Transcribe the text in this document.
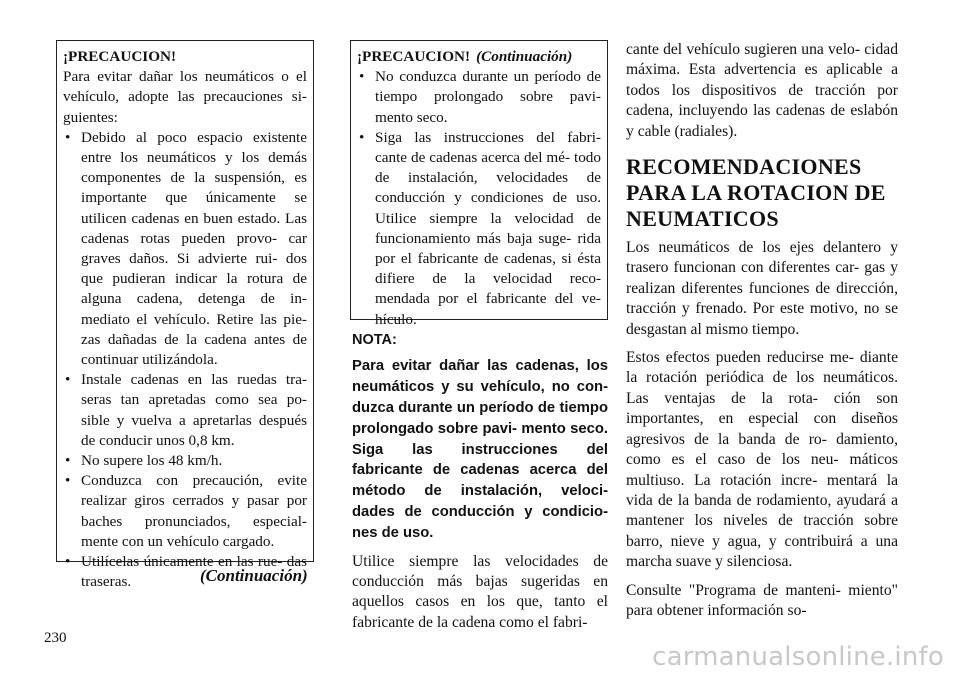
¡PRECAUCION!

Para evitar dañar los neumáticos o el vehículo, adopte las precauciones si- guientes:

• Debido al poco espacio existente entre los neumáticos y los demás componentes de la suspensión, es importante que únicamente se utilicen cadenas en buen estado. Las cadenas rotas pueden provo- car graves daños. Si advierte rui- dos que pudieran indicar la rotura de alguna cadena, detenga de in- mediato el vehículo. Retire las pie- zas dañadas de la cadena antes de continuar utilizándola.
• Instale cadenas en las ruedas tra- seras tan apretadas como sea po- sible y vuelva a apretarlas después de conducir unos 0,8 km.
• No supere los 48 km/h.
• Conduzca con precaución, evite realizar giros cerrados y pasar por baches pronunciados, especial- mente con un vehículo cargado.
• Utilícelas únicamente en las rue- das traseras.	(Continuación)

¡PRECAUCION! (Continuación)

• No conduzca durante un período de tiempo prolongado sobre pavi- mento seco.
• Siga las instrucciones del fabri- cante de cadenas acerca del mé- todo de instalación, velocidades de conducción y condiciones de uso. Utilice siempre la velocidad de funcionamiento más baja suge- rida por el fabricante de cadenas, si ésta difiere de la velocidad reco- mendada por el fabricante del ve- hículo.

NOTA:

Para evitar dañar las cadenas, los neumáticos y su vehículo, no con- duzca durante un período de tiempo prolongado sobre pavi- mento seco. Siga las instrucciones del fabricante de cadenas acerca del método de instalación, veloci- dades de conducción y condicio- nes de uso.

Utilice siempre las velocidades de conducción más bajas sugeridas en aquellos casos en los que, tanto el fabricante de la cadena como el fabri-

cante del vehículo sugieren una velo- cidad máxima. Esta advertencia es aplicable a todos los dispositivos de tracción por cadena, incluyendo las cadenas de eslabón y cable (radiales).

RECOMENDACIONES PARA LA ROTACION DE NEUMATICOS

Los neumáticos de los ejes delantero y trasero funcionan con diferentes car- gas y realizan diferentes funciones de dirección, tracción y frenado. Por este motivo, no se desgastan al mismo tiempo.

Estos efectos pueden reducirse me- diante la rotación periódica de los neumáticos. Las ventajas de la rota- ción son importantes, en especial con diseños agresivos de la banda de ro- damiento, como es el caso de los neu- máticos multiuso. La rotación incre- mentará la vida de la banda de rodamiento, ayudará a mantener los niveles de tracción sobre barro, nieve y agua, y contribuirá a una marcha suave y silenciosa.

Consulte "Programa de manteni- miento" para obtener información so-

230
carmanualsonline.info
